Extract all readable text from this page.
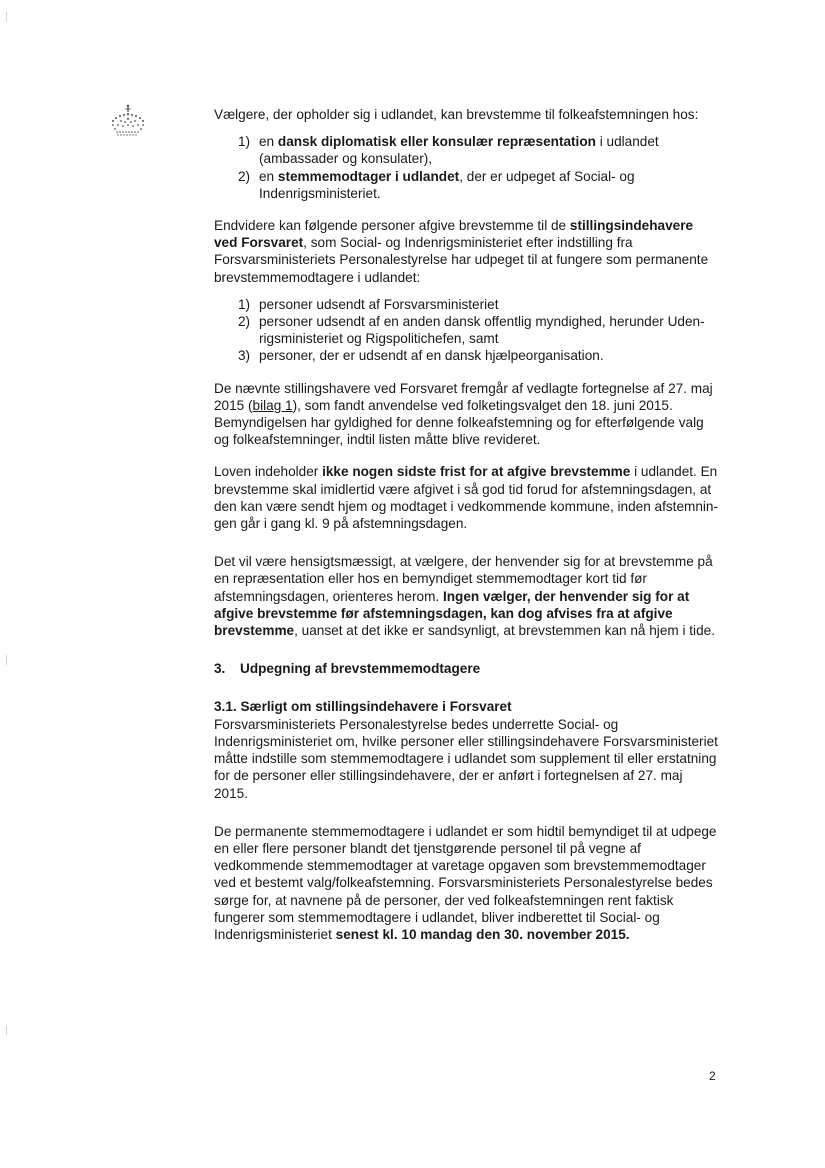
Vælgere, der opholder sig i udlandet, kan brevstemme til folkeafstemningen hos:

1) en dansk diplomatisk eller konsulær repræsentation i udlandet (ambassader og konsulater),
2) en stemmemodtager i udlandet, der er udpeget af Social- og Indenrigsministeriet.

Endvidere kan følgende personer afgive brevstemme til de stillingsindehavere ved Forsvaret, som Social- og Indenrigsministeriet efter indstilling fra Forsvarsministeriets Personalestyrelse har udpeget til at fungere som permanente brevstemmemodtagere i udlandet:

1) personer udsendt af Forsvarsministeriet
2) personer udsendt af en anden dansk offentlig myndighed, herunder Udenrigsministeriet og Rigspolitichefen, samt
3) personer, der er udsendt af en dansk hjælpeorganisation.

De nævnte stillingshavere ved Forsvaret fremgår af vedlagte fortegnelse af 27. maj 2015 (bilag 1), som fandt anvendelse ved folketingsvalget den 18. juni 2015. Bemyndigelsen har gyldighed for denne folkeafstemning og for efterfølgende valg og folkeafstemninger, indtil listen måtte blive revideret.

Loven indeholder ikke nogen sidste frist for at afgive brevstemme i udlandet. En brevstemme skal imidlertid være afgivet i så god tid forud for afstemningsdagen, at den kan være sendt hjem og modtaget i vedkommende kommune, inden afstemningen går i gang kl. 9 på afstemningsdagen.

Det vil være hensigtsmæssigt, at vælgere, der henvender sig for at brevstemme på en repræsentation eller hos en bemyndiget stemmemodtager kort tid før afstemningsdagen, orienteres herom. Ingen vælger, der henvender sig for at afgive brevstemme før afstemningsdagen, kan dog afvises fra at afgive brevstemme, uanset at det ikke er sandsynligt, at brevstemmen kan nå hjem i tide.

3. Udpegning af brevstemmemodtagere
3.1. Særligt om stillingsindehavere i Forsvaret

Forsvarsministeriets Personalestyrelse bedes underrette Social- og Indenrigsministeriet om, hvilke personer eller stillingsindehavere Forsvarsministeriet måtte indstille som stemmemodtagere i udlandet som supplement til eller erstatning for de personer eller stillingsindehavere, der er anført i fortegnelsen af 27. maj 2015.

De permanente stemmemodtagere i udlandet er som hidtil bemyndiget til at udpege en eller flere personer blandt det tjenstgørende personel til på vegne af vedkommende stemmemodtager at varetage opgaven som brevstemmemodtager ved et bestemt valg/folkeafstemning. Forsvarsministeriets Personalestyrelse bedes sørge for, at navnene på de personer, der ved folkeafstemningen rent faktisk fungerer som stemmemodtagere i udlandet, bliver indberettet til Social- og Indenrigsministeriet senest kl. 10 mandag den 30. november 2015.

2
